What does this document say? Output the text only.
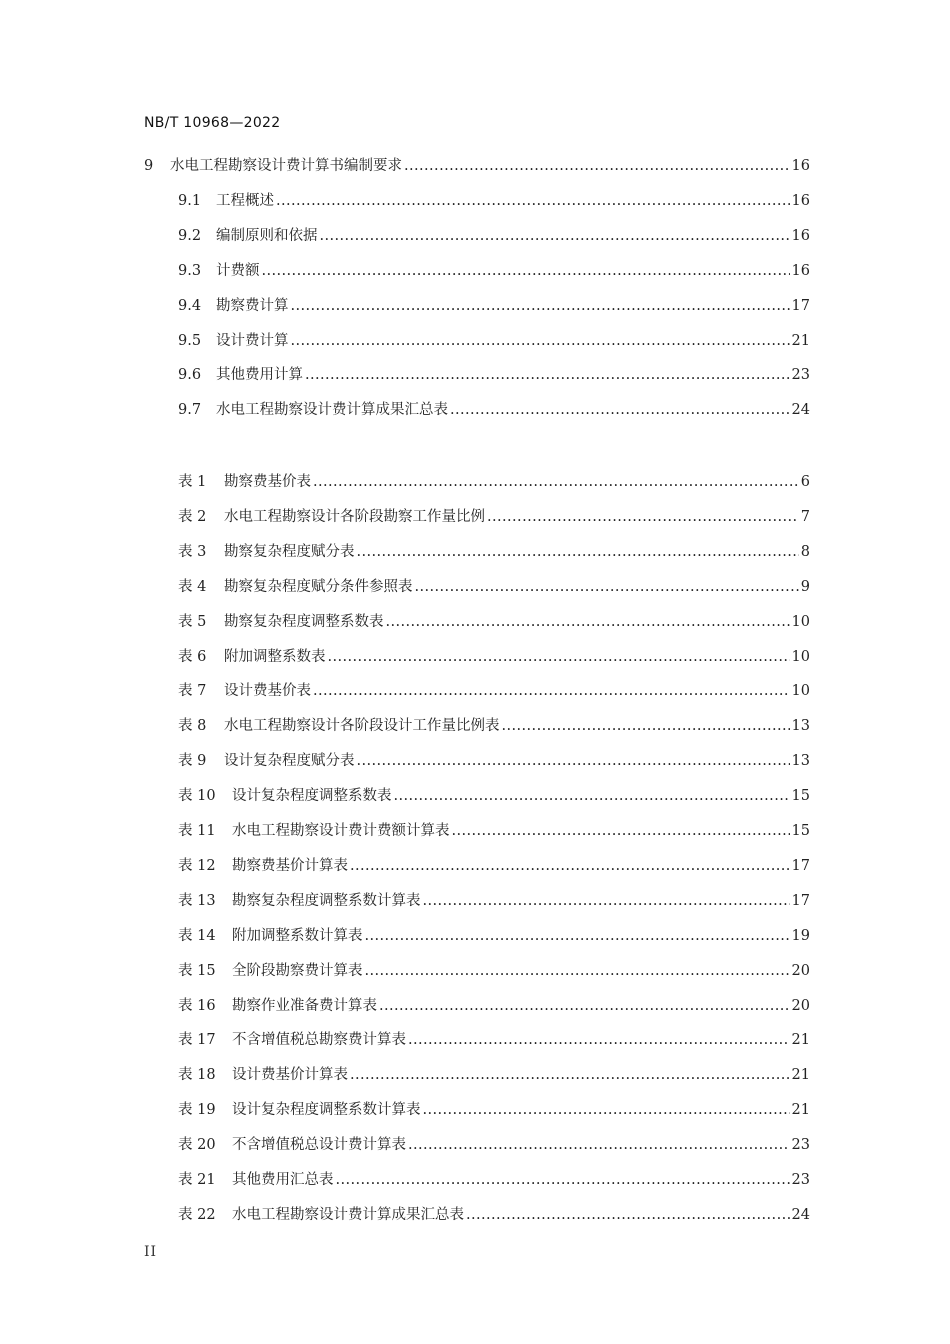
NB/T 10968—2022
9	水电工程勘察设计费计算书编制要求 .....	16
9.1	工程概述 .....	16
9.2	编制原则和依据 .....	16
9.3	计费额 .....	16
9.4	勘察费计算 .....	17
9.5	设计费计算 .....	21
9.6	其他费用计算 .....	23
9.7	水电工程勘察设计费计算成果汇总表 .....	24
表 1	勘察费基价表 .....	6
表 2	水电工程勘察设计各阶段勘察工作量比例 .....	7
表 3	勘察复杂程度赋分表 .....	8
表 4	勘察复杂程度赋分条件参照表 .....	9
表 5	勘察复杂程度调整系数表 .....	10
表 6	附加调整系数表 .....	10
表 7	设计费基价表 .....	10
表 8	水电工程勘察设计各阶段设计工作量比例表 .....	13
表 9	设计复杂程度赋分表 .....	13
表 10	设计复杂程度调整系数表 .....	15
表 11	水电工程勘察设计费计费额计算表 .....	15
表 12	勘察费基价计算表 .....	17
表 13	勘察复杂程度调整系数计算表 .....	17
表 14	附加调整系数计算表 .....	19
表 15	全阶段勘察费计算表 .....	20
表 16	勘察作业准备费计算表 .....	20
表 17	不含增值税总勘察费计算表 .....	21
表 18	设计费基价计算表 .....	21
表 19	设计复杂程度调整系数计算表 .....	21
表 20	不含增值税总设计费计算表 .....	23
表 21	其他费用汇总表 .....	23
表 22	水电工程勘察设计费计算成果汇总表 .....	24
II
